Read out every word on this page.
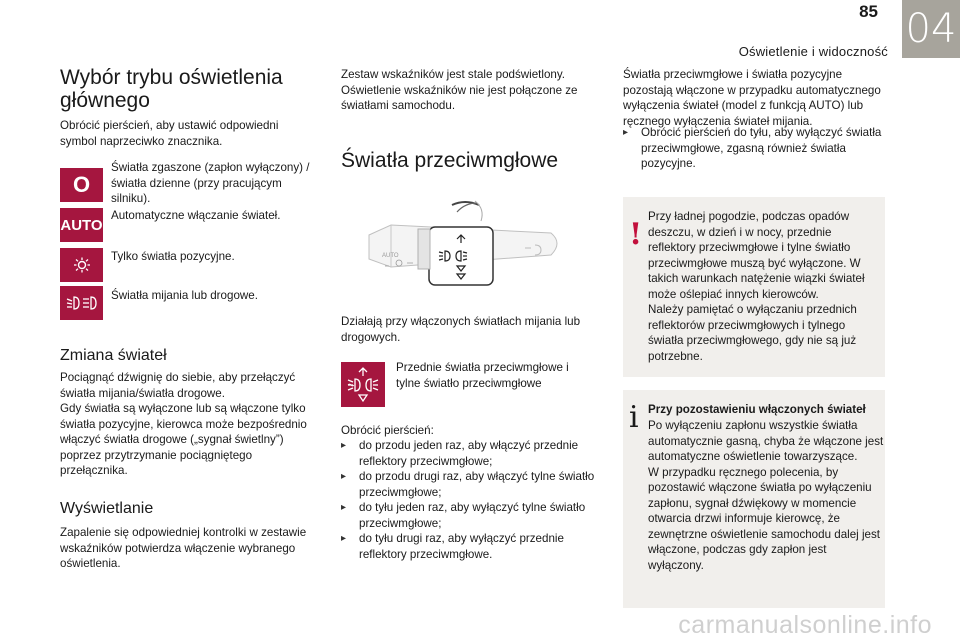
85
Oświetlenie i widoczność 04
Wybór trybu oświetlenia głównego

Obrócić pierścień, aby ustawić odpowiedni symbol naprzeciwko znacznika.

O

Światła zgaszone (zapłon wyłączony) / światła dzienne (przy pracującym silniku).

AUTO

Automatyczne włączanie świateł.

Tylko światła pozycyjne.

Światła mijania lub drogowe.

Zmiana świateł

Pociągnąć dźwignię do siebie, aby przełączyć światła mijania/światła drogowe.
Gdy światła są wyłączone lub są włączone tylko światła pozycyjne, kierowca może bezpośrednio włączyć światła drogowe („sygnał świetlny”) poprzez przytrzymanie pociągniętego przełącznika.

Wyświetlanie

Zapalenie się odpowiedniej kontrolki w zestawie wskaźników potwierdza włączenie wybranego oświetlenia.

Zestaw wskaźników jest stale podświetlony. Oświetlenie wskaźników nie jest połączone ze światłami samochodu.

Światła przeciwmgłowe
AUTO

Działają przy włączonych światłach mijania lub drogowych.

Przednie światła przeciwmgłowe i tylne światło przeciwmgłowe

Obrócić pierścień:

▸ do przodu jeden raz, aby włączyć przednie reflektory przeciwmgłowe;
▸ do przodu drugi raz, aby włączyć tylne światło przeciwmgłowe;
▸ do tyłu jeden raz, aby wyłączyć tylne światło przeciwmgłowe;
▸ do tyłu drugi raz, aby wyłączyć przednie reflektory przeciwmgłowe.

Światła przeciwmgłowe i światła pozycyjne pozostają włączone w przypadku automatycznego wyłączenia świateł (model z funkcją AUTO) lub ręcznego wyłączenia świateł mijania.

▸ Obrócić pierścień do tyłu, aby wyłączyć światła przeciwmgłowe, zgasną również światła pozycyjne.
!

Przy ładnej pogodzie, podczas opadów deszczu, w dzień i w nocy, przednie reflektory przeciwmgłowe i tylne światło przeciwmgłowe muszą być wyłączone. W takich warunkach natężenie wiązki świateł może oślepiać innych kierowców.
Należy pamiętać o wyłączaniu przednich reflektorów przeciwmgłowych i tylnego światła przeciwmgłowego, gdy nie są już potrzebne.

i Przy pozostawieniu włączonych świateł

Po wyłączeniu zapłonu wszystkie światła automatycznie gasną, chyba że włączone jest automatyczne oświetlenie towarzyszące.
W przypadku ręcznego polecenia, by pozostawić włączone światła po wyłączeniu zapłonu, sygnał dźwiękowy w momencie otwarcia drzwi informuje kierowcę, że zewnętrzne oświetlenie samochodu dalej jest włączone, podczas gdy zapłon jest wyłączony.

carmanualsonline.info
